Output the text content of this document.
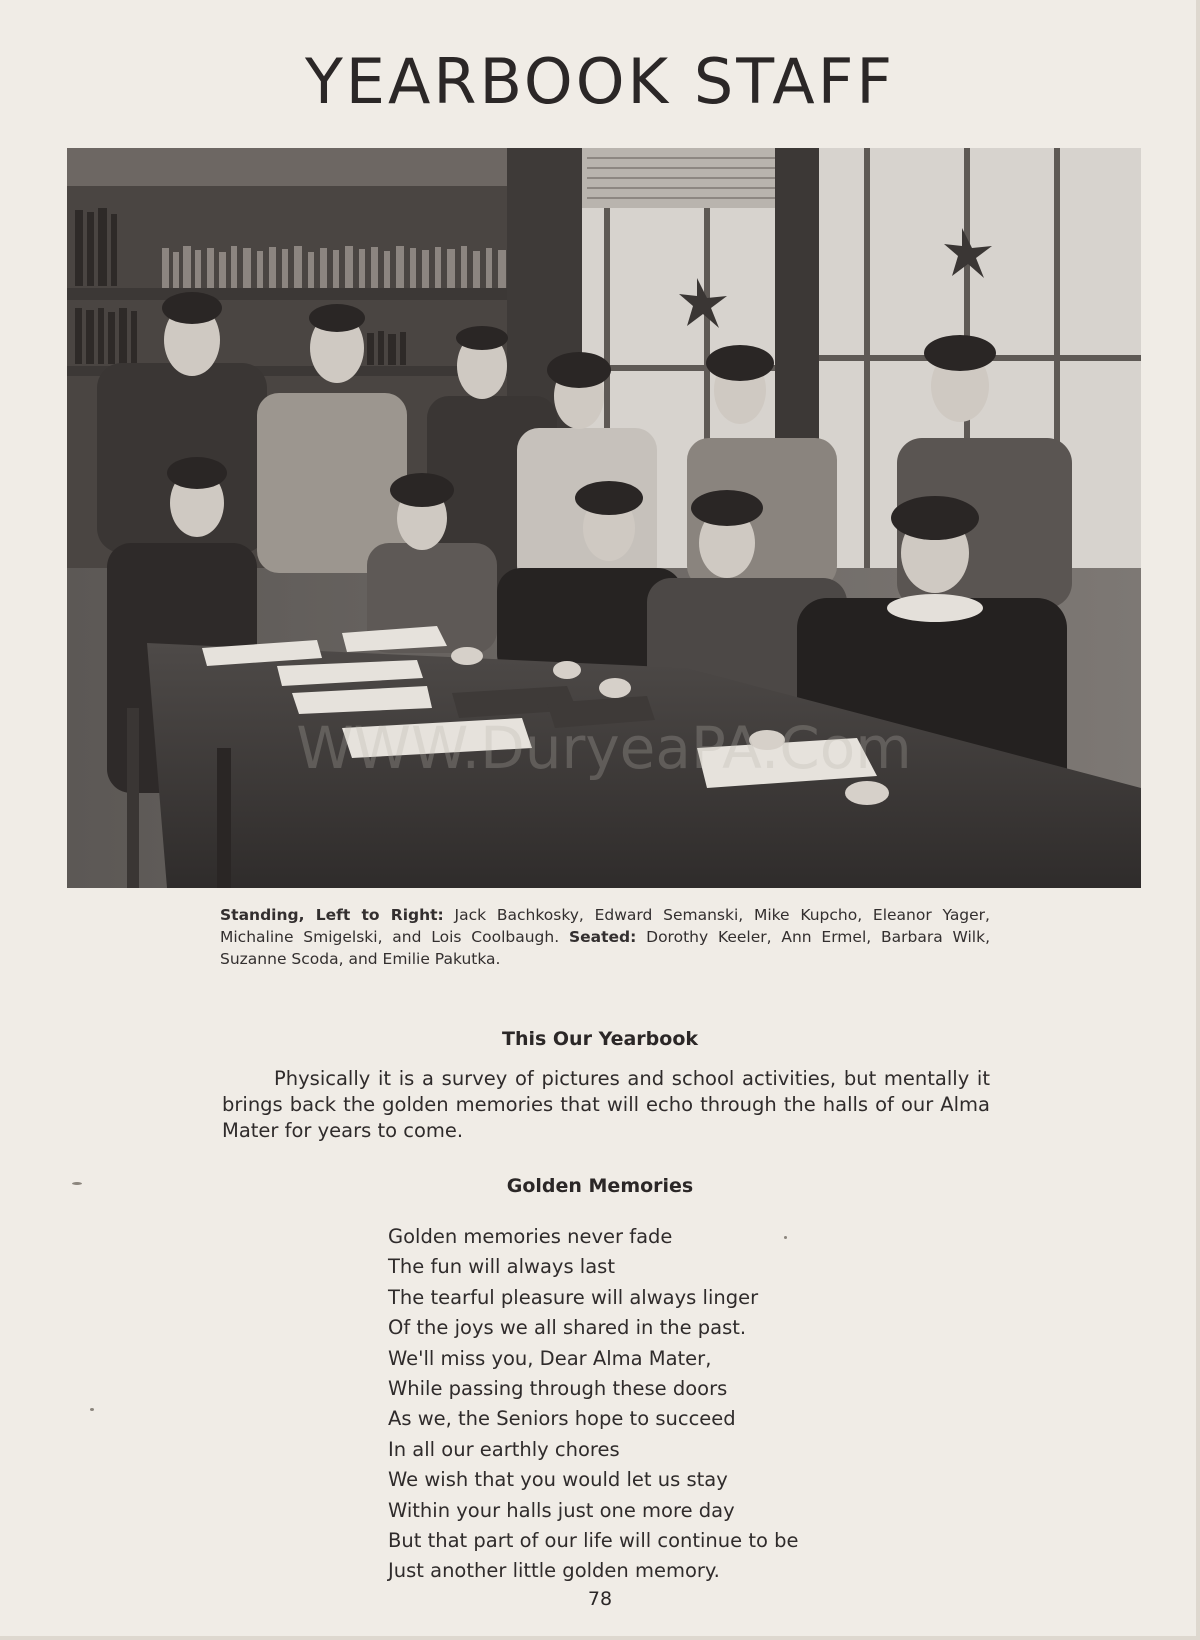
YEARBOOK STAFF
WWW.DuryeaPA.Com
Standing, Left to Right: Jack Bachkosky, Edward Semanski, Mike Kupcho, Eleanor Yager, Michaline Smigelski, and Lois Coolbaugh. Seated: Dorothy Keeler, Ann Ermel, Barbara Wilk, Suzanne Scoda, and Emilie Pakutka.
This Our Yearbook
Physically it is a survey of pictures and school activities, but mentally it brings back the golden memories that will echo through the halls of our Alma Mater for years to come.
Golden Memories
Golden memories never fade
The fun will always last
The tearful pleasure will always linger
Of the joys we all shared in the past.
We'll miss you, Dear Alma Mater,
While passing through these doors
As we, the Seniors hope to succeed
In all our earthly chores
We wish that you would let us stay
Within your halls just one more day
But that part of our life will continue to be
Just another little golden memory.
78
